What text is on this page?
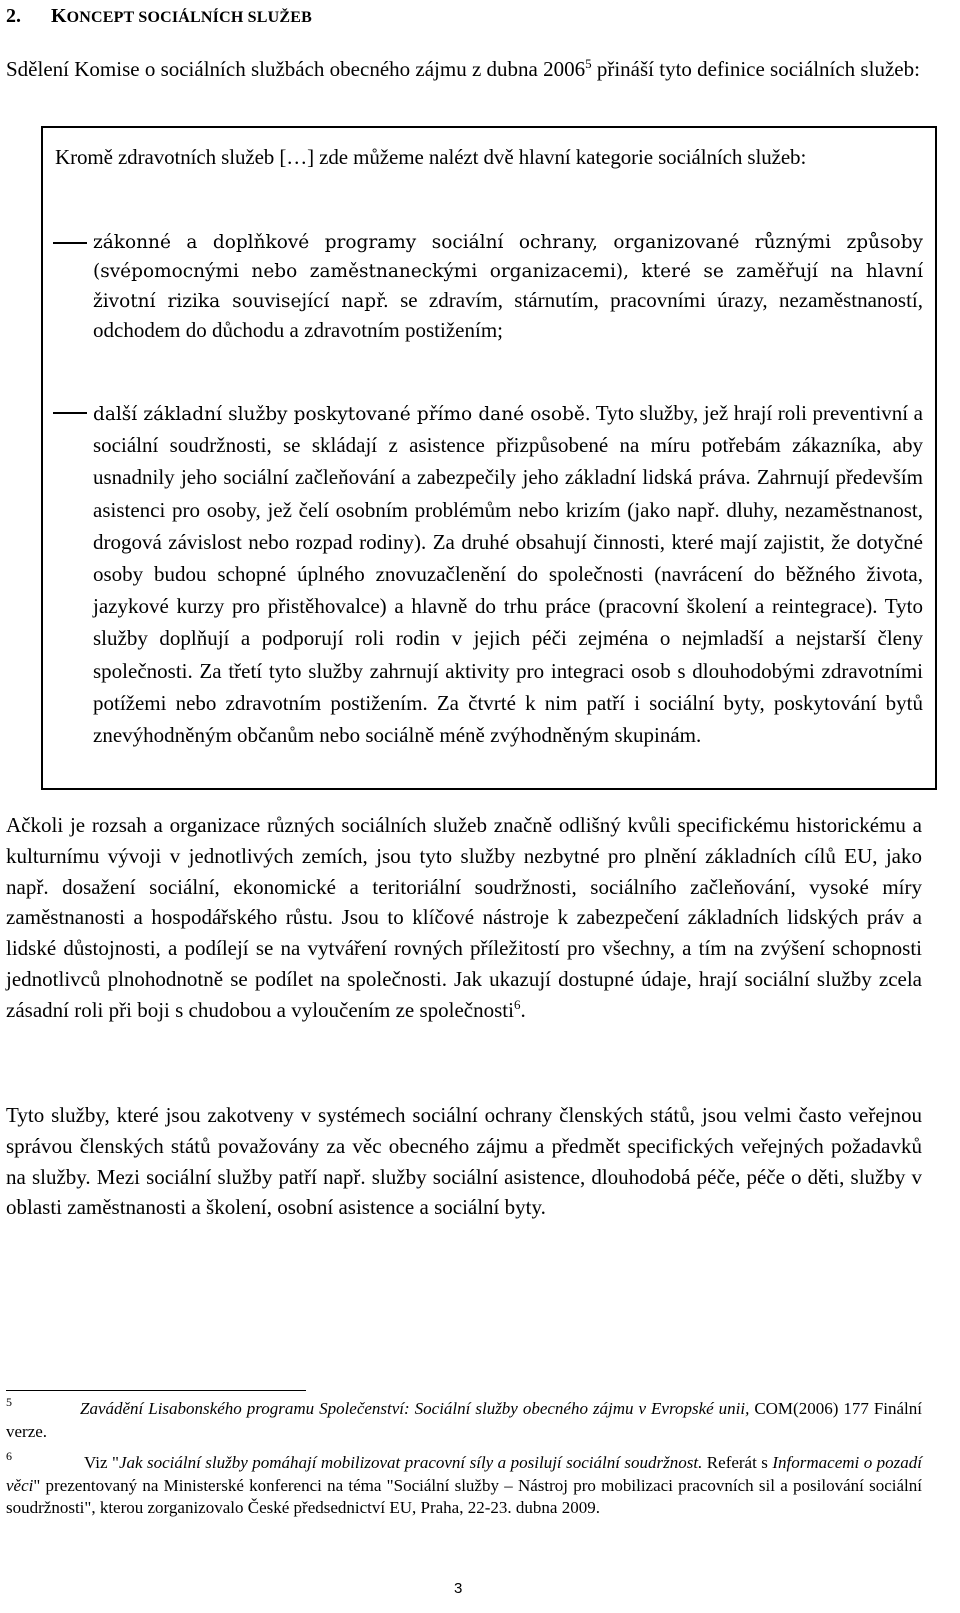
2. KONCEPT SOCIÁLNÍCH SLUŽEB
Sdělení Komise o sociálních službách obecného zájmu z dubna 2006$^5$ přináší tyto definice sociálních služeb:
Kromě zdravotních služeb […] zde můžeme nalézt dvě hlavní kategorie sociálních služeb:
zákonné a doplňkové programy sociální ochrany, organizované různými způsoby (svépomocnými nebo zaměstnaneckými organizacemi), které se zaměřují na hlavní životní rizika související např. se zdravím, stárnutím, pracovními úrazy, nezaměstnaností, odchodem do důchodu a zdravotním postižením;
další základní služby poskytované přímo dané osobě. Tyto služby, jež hrají roli preventivní a sociální soudržnosti, se skládají z asistence přizpůsobené na míru potřebám zákazníka, aby usnadnily jeho sociální začleňování a zabezpečily jeho základní lidská práva. Zahrnují především asistenci pro osoby, jež čelí osobním problémům nebo krizím (jako např. dluhy, nezaměstnanost, drogová závislost nebo rozpad rodiny). Za druhé obsahují činnosti, které mají zajistit, že dotyčné osoby budou schopné úplného znovuzačlenění do společnosti (navrácení do běžného života, jazykové kurzy pro přistěhovalce) a hlavně do trhu práce (pracovní školení a reintegrace). Tyto služby doplňují a podporují roli rodin v jejich péči zejména o nejmladší a nejstarší členy společnosti. Za třetí tyto služby zahrnují aktivity pro integraci osob s dlouhodobými zdravotními potížemi nebo zdravotním postižením. Za čtvrté k nim patří i sociální byty, poskytování bytů znevýhodněným občanům nebo sociálně méně zvýhodněným skupinám.
Ačkoli je rozsah a organizace různých sociálních služeb značně odlišný kvůli specifickému historickému a kulturnímu vývoji v jednotlivých zemích, jsou tyto služby nezbytné pro plnění základních cílů EU, jako např. dosažení sociální, ekonomické a teritoriální soudržnosti, sociálního začleňování, vysoké míry zaměstnanosti a hospodářského růstu. Jsou to klíčové nástroje k zabezpečení základních lidských práv a lidské důstojnosti, a podílejí se na vytváření rovných příležitostí pro všechny, a tím na zvýšení schopnosti jednotlivců plnohodnotně se podílet na společnosti. Jak ukazují dostupné údaje, hrají sociální služby zcela zásadní roli při boji s chudobou a vyloučením ze společnosti$^6$.
Tyto služby, které jsou zakotveny v systémech sociální ochrany členských států, jsou velmi často veřejnou správou členských států považovány za věc obecného zájmu a předmět specifických veřejných požadavků na služby. Mezi sociální služby patří např. služby sociální asistence, dlouhodobá péče, péče o děti, služby v oblasti zaměstnanosti a školení, osobní asistence a sociální byty.
$^5$	Zavádění Lisabonského programu Společenství: Sociální služby obecného zájmu v Evropské unii, COM(2006) 177 Finální verze.
$^6$	Viz "Jak sociální služby pomáhají mobilizovat pracovní síly a posilují sociální soudržnost. Referát s Informacemi o pozadí věci" prezentovaný na Ministerské konferenci na téma "Sociální služby – Nástroj pro mobilizaci pracovních sil a posilování sociální soudržnosti", kterou zorganizovalo České předsednictví EU, Praha, 22-23. dubna 2009.
3
